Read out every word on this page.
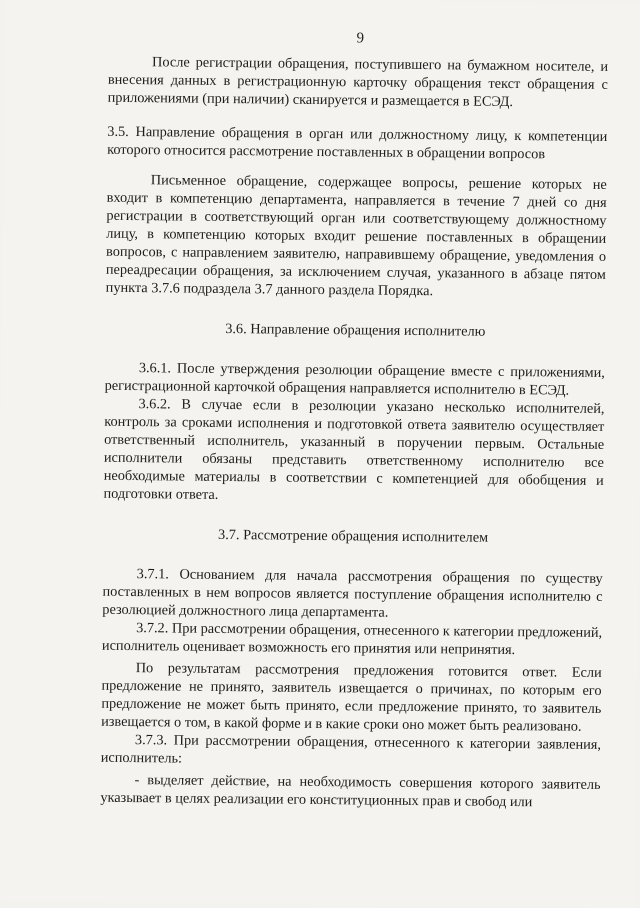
9

После регистрации обращения, поступившего на бумажном носителе, и внесения данных в регистрационную карточку обращения текст обращения с приложениями (при наличии) сканируется и размещается в ЕСЭД.

3.5. Направление обращения в орган или должностному лицу, к компетенции которого относится рассмотрение поставленных в обращении вопросов

Письменное обращение, содержащее вопросы, решение которых не входит в компетенцию департамента, направляется в течение 7 дней со дня регистрации в соответствующий орган или соответствующему должностному лицу, в компетенцию которых входит решение поставленных в обращении вопросов, с направлением заявителю, направившему обращение, уведомления о переадресации обращения, за исключением случая, указанного в абзаце пятом пункта 3.7.6 подраздела 3.7 данного раздела Порядка.

3.6. Направление обращения исполнителю

3.6.1. После утверждения резолюции обращение вместе с приложениями, регистрационной карточкой обращения направляется исполнителю в ЕСЭД.

3.6.2. В случае если в резолюции указано несколько исполнителей, контроль за сроками исполнения и подготовкой ответа заявителю осуществляет ответственный исполнитель, указанный в поручении первым. Остальные исполнители обязаны представить ответственному исполнителю все необходимые материалы в соответствии с компетенцией для обобщения и подготовки ответа.

3.7. Рассмотрение обращения исполнителем

3.7.1. Основанием для начала рассмотрения обращения по существу поставленных в нем вопросов является поступление обращения исполнителю с резолюцией должностного лица департамента.

3.7.2. При рассмотрении обращения, отнесенного к категории предложений, исполнитель оценивает возможность его принятия или непринятия.

По результатам рассмотрения предложения готовится ответ. Если предложение не принято, заявитель извещается о причинах, по которым его предложение не может быть принято, если предложение принято, то заявитель извещается о том, в какой форме и в какие сроки оно может быть реализовано.

3.7.3. При рассмотрении обращения, отнесенного к категории заявления, исполнитель:

- выделяет действие, на необходимость совершения которого заявитель указывает в целях реализации его конституционных прав и свобод или
